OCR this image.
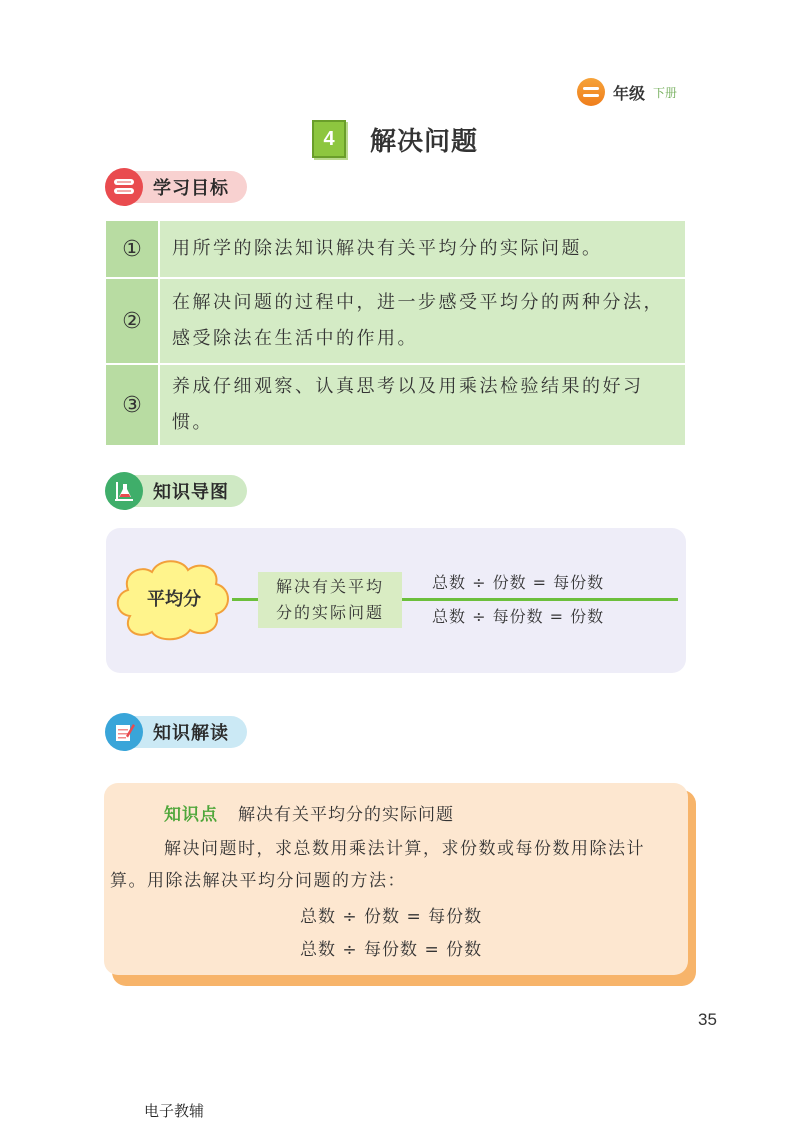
年级 下册
4	解决问题
学习目标
①	用所学的除法知识解决有关平均分的实际问题。
②
在解决问题的过程中，进一步感受平均分的两种分法，感受除法在生活中的作用。
③
养成仔细观察、认真思考以及用乘法检验结果的好习惯。
知识导图
平均分
解决有关平均
分的实际问题
总数 ÷ 份数 = 每份数
总数 ÷ 每份数 = 份数
知识解读
知识点 解决有关平均分的实际问题
解决问题时，求总数用乘法计算，求份数或每份数用除法计算。用除法解决平均分问题的方法：
总数 ÷ 份数 = 每份数
总数 ÷ 每份数 = 份数
35
电子教辅
